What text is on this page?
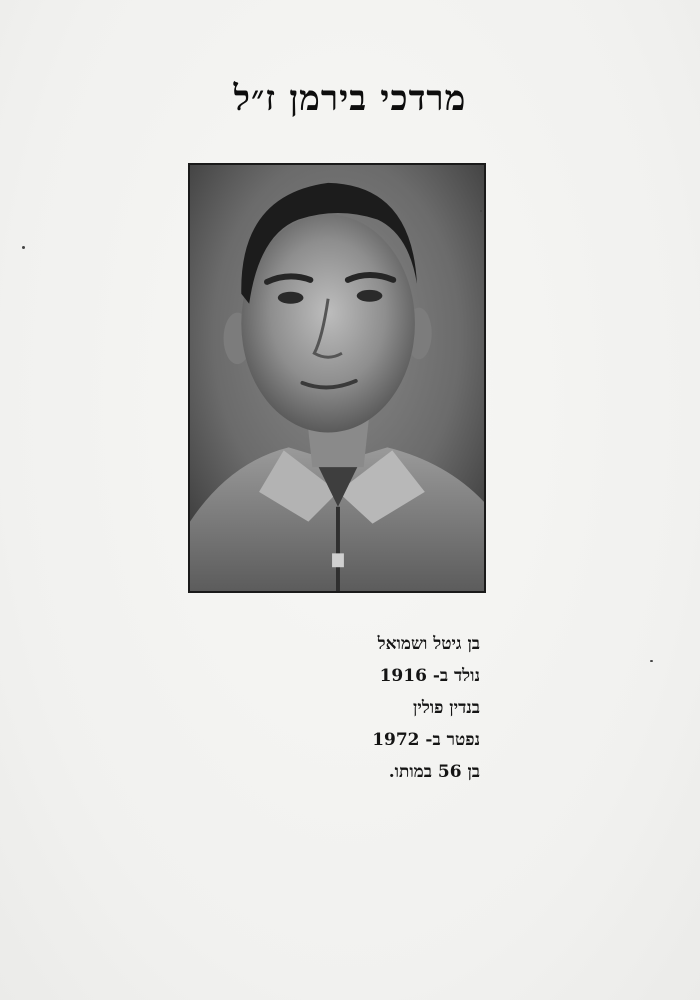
מרדכי בירמן ז״ל
בן גיטל ושמואל
נולד ב- 1916
בנדין פולין
נפטר ב- 1972
בן 56 במותו.
